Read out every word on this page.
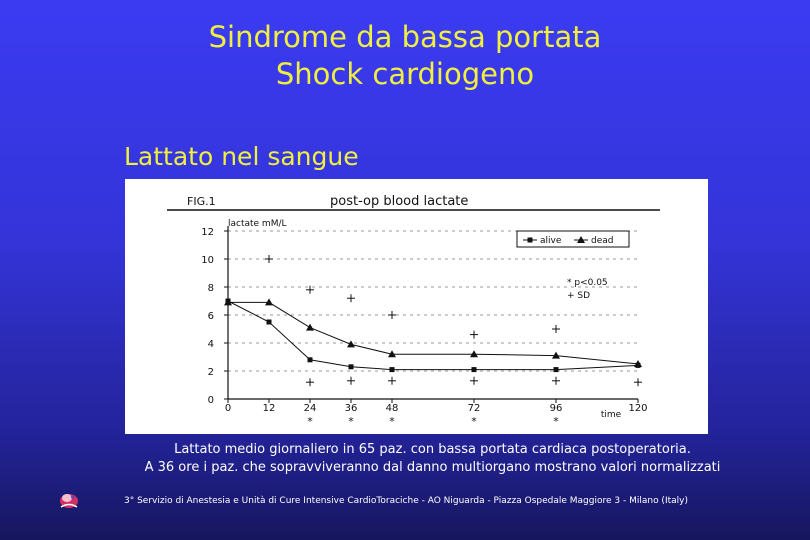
Sindrome da bassa portata
Shock cardiogeno
Lattato nel sangue
FIG.1	post-op blood lactate
lactate mM/L
0
2
4
6
8
10
12
0	12	24	36	48	72	96	120
time
*	*	*	*	*
alive	dead
* p<0.05
+ SD
Lattato medio giornaliero in 65 paz. con bassa portata cardiaca postoperatoria.
A 36 ore i paz. che sopravviveranno dal danno multiorgano mostrano valori normalizzati
3° Servizio di Anestesia e Unità di Cure Intensive CardioToraciche - AO Niguarda - Piazza Ospedale Maggiore 3 - Milano (Italy)
